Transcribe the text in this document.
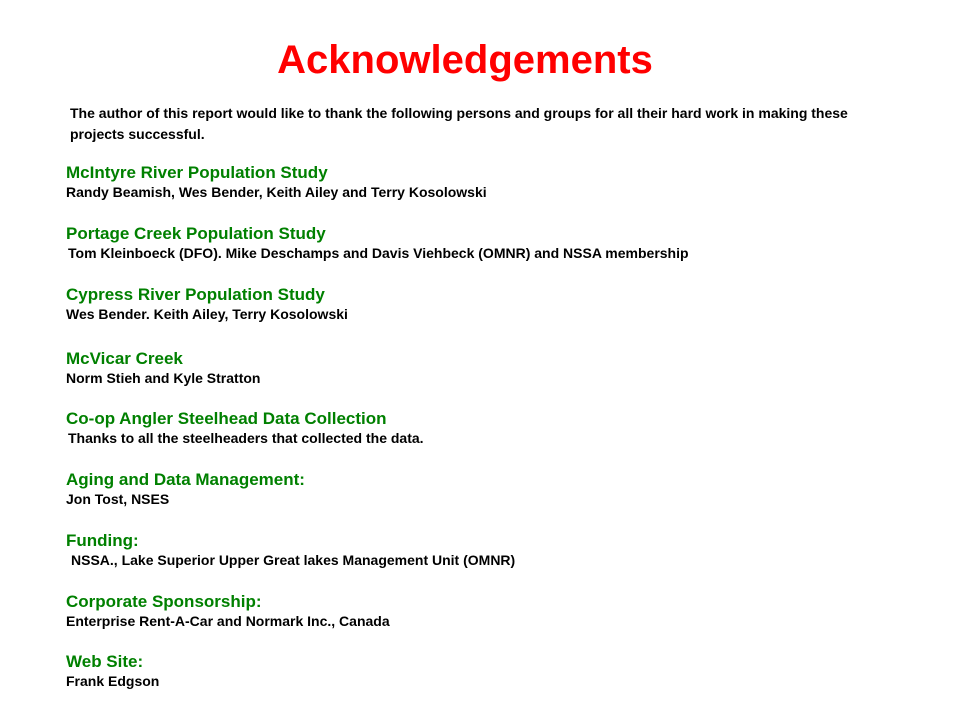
Acknowledgements

The author of this report would like to thank the following persons and groups for all their hard work in making these projects successful.

McIntyre River Population Study

Randy Beamish, Wes Bender, Keith Ailey and Terry Kosolowski

Portage Creek Population Study

Tom Kleinboeck (DFO). Mike Deschamps and Davis Viehbeck (OMNR) and NSSA membership

Cypress River Population Study

Wes Bender. Keith Ailey, Terry Kosolowski

McVicar Creek

Norm Stieh and Kyle Stratton

Co-op Angler Steelhead Data Collection

Thanks to all the steelheaders that collected the data.

Aging and Data Management:

Jon Tost, NSES

Funding:

NSSA., Lake Superior Upper Great lakes Management Unit (OMNR)

Corporate Sponsorship:

Enterprise Rent-A-Car and Normark Inc., Canada

Web Site:

Frank Edgson
